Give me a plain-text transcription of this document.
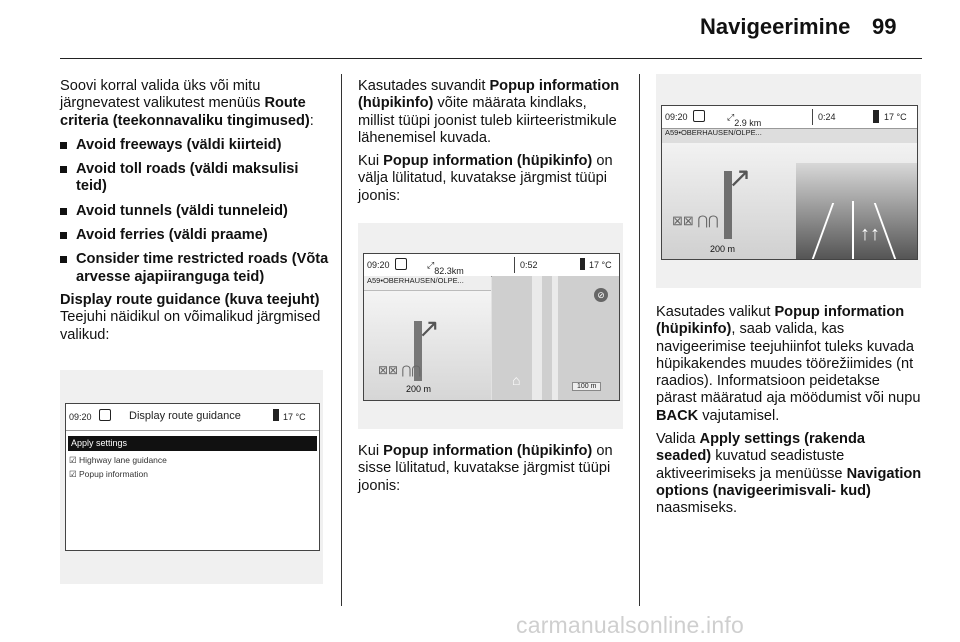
Navigeerimine 99

Soovi korral valida üks või mitu järgnevatest valikutest menüüs Route criteria (teekonnavaliku tingimused):

Avoid freeways (väldi kiirteid)

Avoid toll roads (väldi maksulisi teid)

Avoid tunnels (väldi tunneleid)

Avoid ferries (väldi praame)

Consider time restricted roads (Võta arvesse ajapiiranguga teid)

Display route guidance (kuva teejuht)

Teejuhi näidikul on võimalikud järgmised valikud:

09:20	Display route guidance	17 °C
Apply settings
☑ Highway lane guidance
☑ Popup information

Kasutades suvandit Popup information (hüpikinfo) võite määrata kindlaks, millist tüüpi joonist tuleb kiirteeristmikule lähenemisel kuvada.

Kui Popup information (hüpikinfo) on välja lülitatud, kuvatakse järgmist tüüpi joonis:

09:20	⤢
82.3km
0:52	17 °C
A59•OBERHAUSEN/OLPE...
↗
⊠⊠ ⋂⋂
200 m
⊘
⌂	100 m

Kui Popup information (hüpikinfo) on sisse lülitatud, kuvatakse järgmist tüüpi joonis:

09:20	⤢
2.9 km
0:24	17 °C
A59•OBERHAUSEN/OLPE...
↗
⊠⊠ ⋂⋂
200 m
↑↑

Kasutades valikut Popup information (hüpikinfo), saab valida, kas navigeerimise teejuhiinfot tuleks kuvada hüpikakendes muudes töörežiimides (nt raadios). Informatsioon peidetakse pärast määratud aja möödumist või nupu BACK vajutamisel.

Valida Apply settings (rakenda seaded) kuvatud seadistuste aktiveerimiseks ja menüüsse Navigation options (navigeerimisvali- kud) naasmiseks.

carmanualsonline.info
